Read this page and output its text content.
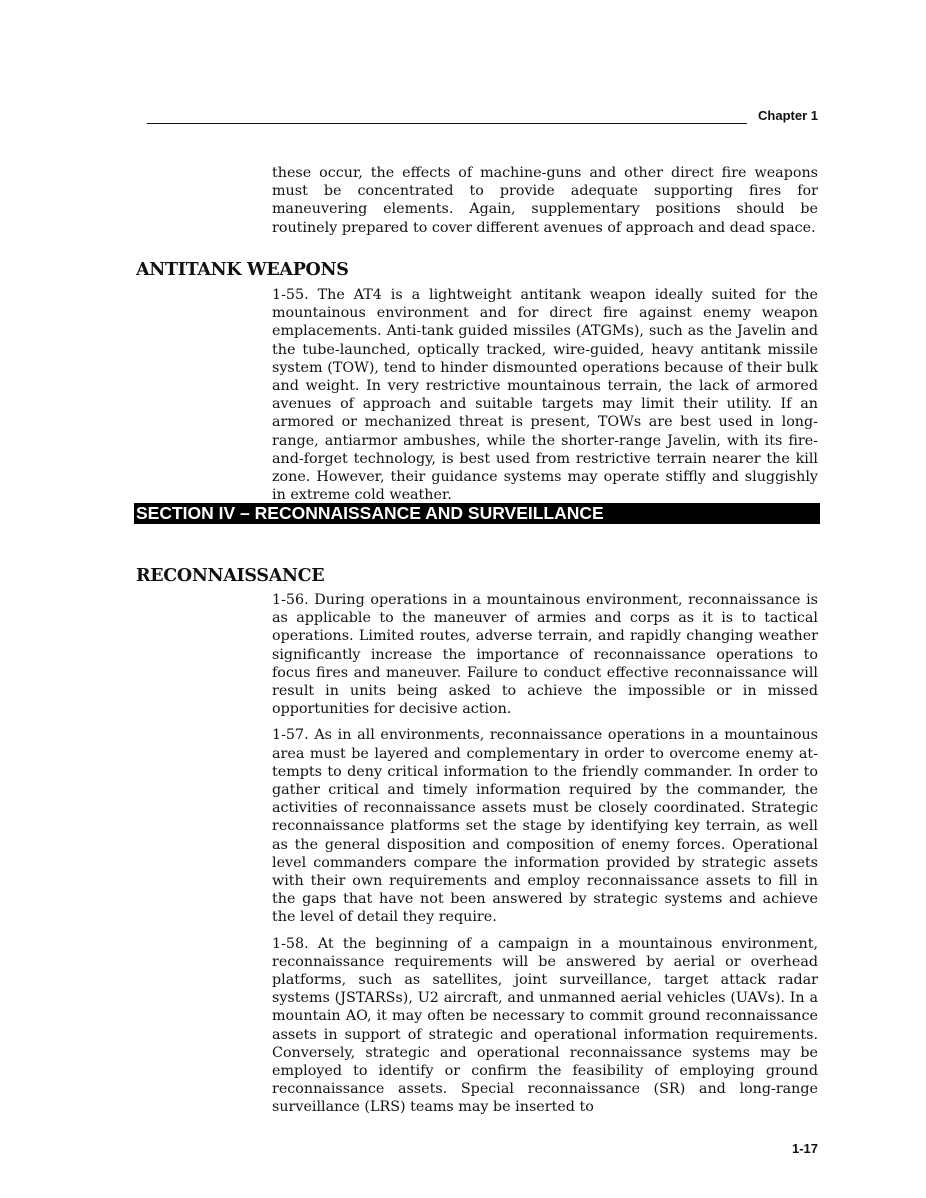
Chapter 1

these occur, the effects of machine-guns and other direct fire weapons must be concentrated to provide adequate supporting fires for maneuvering elements. Again, supplementary positions should be routinely prepared to cover different avenues of approach and dead space.

ANTITANK WEAPONS

1-55. The AT4 is a lightweight antitank weapon ideally suited for the mountainous environment and for direct fire against enemy weapon emplacements. Anti-tank guided missiles (ATGMs), such as the Javelin and the tube-launched, optically tracked, wire-guided, heavy antitank missile system (TOW), tend to hinder dismounted operations because of their bulk and weight. In very restrictive mountainous terrain, the lack of armored avenues of approach and suitable targets may limit their utility. If an armored or mechanized threat is present, TOWs are best used in long-range, antiarmor ambushes, while the shorter-range Javelin, with its fire-and-forget technology, is best used from restrictive terrain nearer the kill zone. However, their guidance systems may operate stiffly and sluggishly in extreme cold weather.

SECTION IV – RECONNAISSANCE AND SURVEILLANCE
RECONNAISSANCE

1-56. During operations in a mountainous environment, reconnaissance is as applicable to the maneuver of armies and corps as it is to tactical operations. Limited routes, adverse terrain, and rapidly changing weather significantly increase the importance of reconnaissance operations to focus fires and maneuver. Failure to conduct effective reconnaissance will result in units being asked to achieve the impossible or in missed opportunities for decisive action.

1-57. As in all environments, reconnaissance operations in a mountainous area must be layered and complementary in order to overcome enemy attempts to deny critical information to the friendly commander. In order to gather critical and timely information required by the commander, the activities of reconnaissance assets must be closely coordinated. Strategic reconnaissance platforms set the stage by identifying key terrain, as well as the general disposition and composition of enemy forces. Operational level commanders compare the information provided by strategic assets with their own requirements and employ reconnaissance assets to fill in the gaps that have not been answered by strategic systems and achieve the level of detail they require.

1-58. At the beginning of a campaign in a mountainous environment, reconnaissance requirements will be answered by aerial or overhead platforms, such as satellites, joint surveillance, target attack radar systems (JSTARSs), U2 aircraft, and unmanned aerial vehicles (UAVs). In a mountain AO, it may often be necessary to commit ground reconnaissance assets in support of strategic and operational information requirements. Conversely, strategic and operational reconnaissance systems may be employed to identify or confirm the feasibility of employing ground reconnaissance assets. Special reconnaissance (SR) and long-range surveillance (LRS) teams may be inserted to

1-17
